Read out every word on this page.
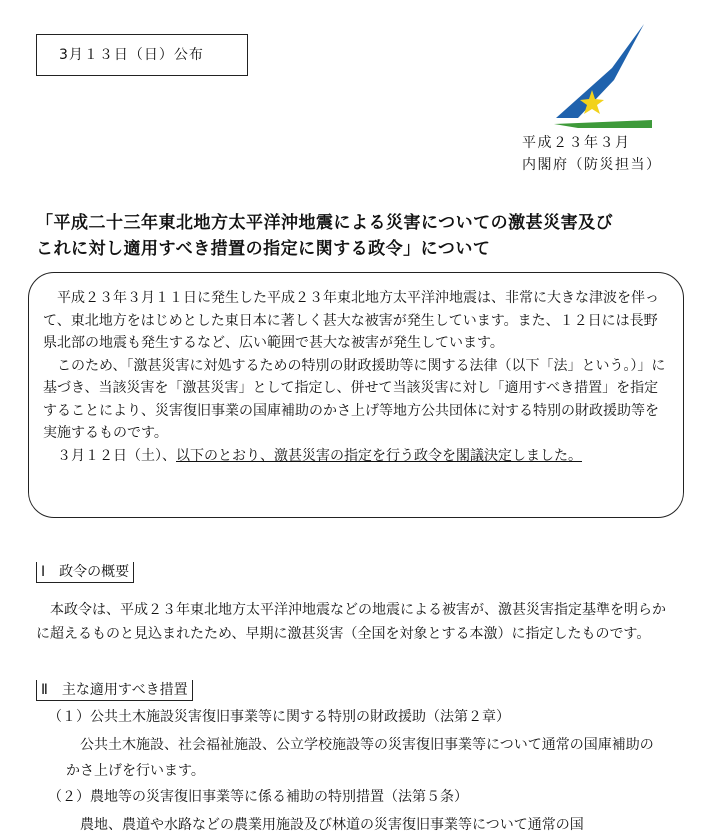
3月１３日（日）公布
平成２３年３月
内閣府（防災担当）
「平成二十三年東北地方太平洋沖地震による災害についての激甚災害及び
これに対し適用すべき措置の指定に関する政令」について

平成２３年３月１１日に発生した平成２３年東北地方太平洋沖地震は、非常に大きな津波を伴って、東北地方をはじめとした東日本に著しく甚大な被害が発生しています。また、１２日には長野県北部の地震も発生するなど、広い範囲で甚大な被害が発生しています。

このため、「激甚災害に対処するための特別の財政援助等に関する法律（以下「法」という。）」に基づき、当該災害を「激甚災害」として指定し、併せて当該災害に対し「適用すべき措置」を指定することにより、災害復旧事業の国庫補助のかさ上げ等地方公共団体に対する特別の財政援助等を実施するものです。

３月１２日（土）、以下のとおり、激甚災害の指定を行う政令を閣議決定しました。

Ⅰ　政令の概要

本政令は、平成２３年東北地方太平洋沖地震などの地震による被害が、激甚災害指定基準を明らかに超えるものと見込まれたため、早期に激甚災害（全国を対象とする本激）に指定したものです。

Ⅱ　主な適用すべき措置

（１）公共土木施設災害復旧事業等に関する特別の財政援助（法第２章）

公共土木施設、社会福祉施設、公立学校施設等の災害復旧事業等について通常の国庫補助のかさ上げを行います。

（２）農地等の災害復旧事業等に係る補助の特別措置（法第５条）

農地、農道や水路などの農業用施設及び林道の災害復旧事業等について通常の国
